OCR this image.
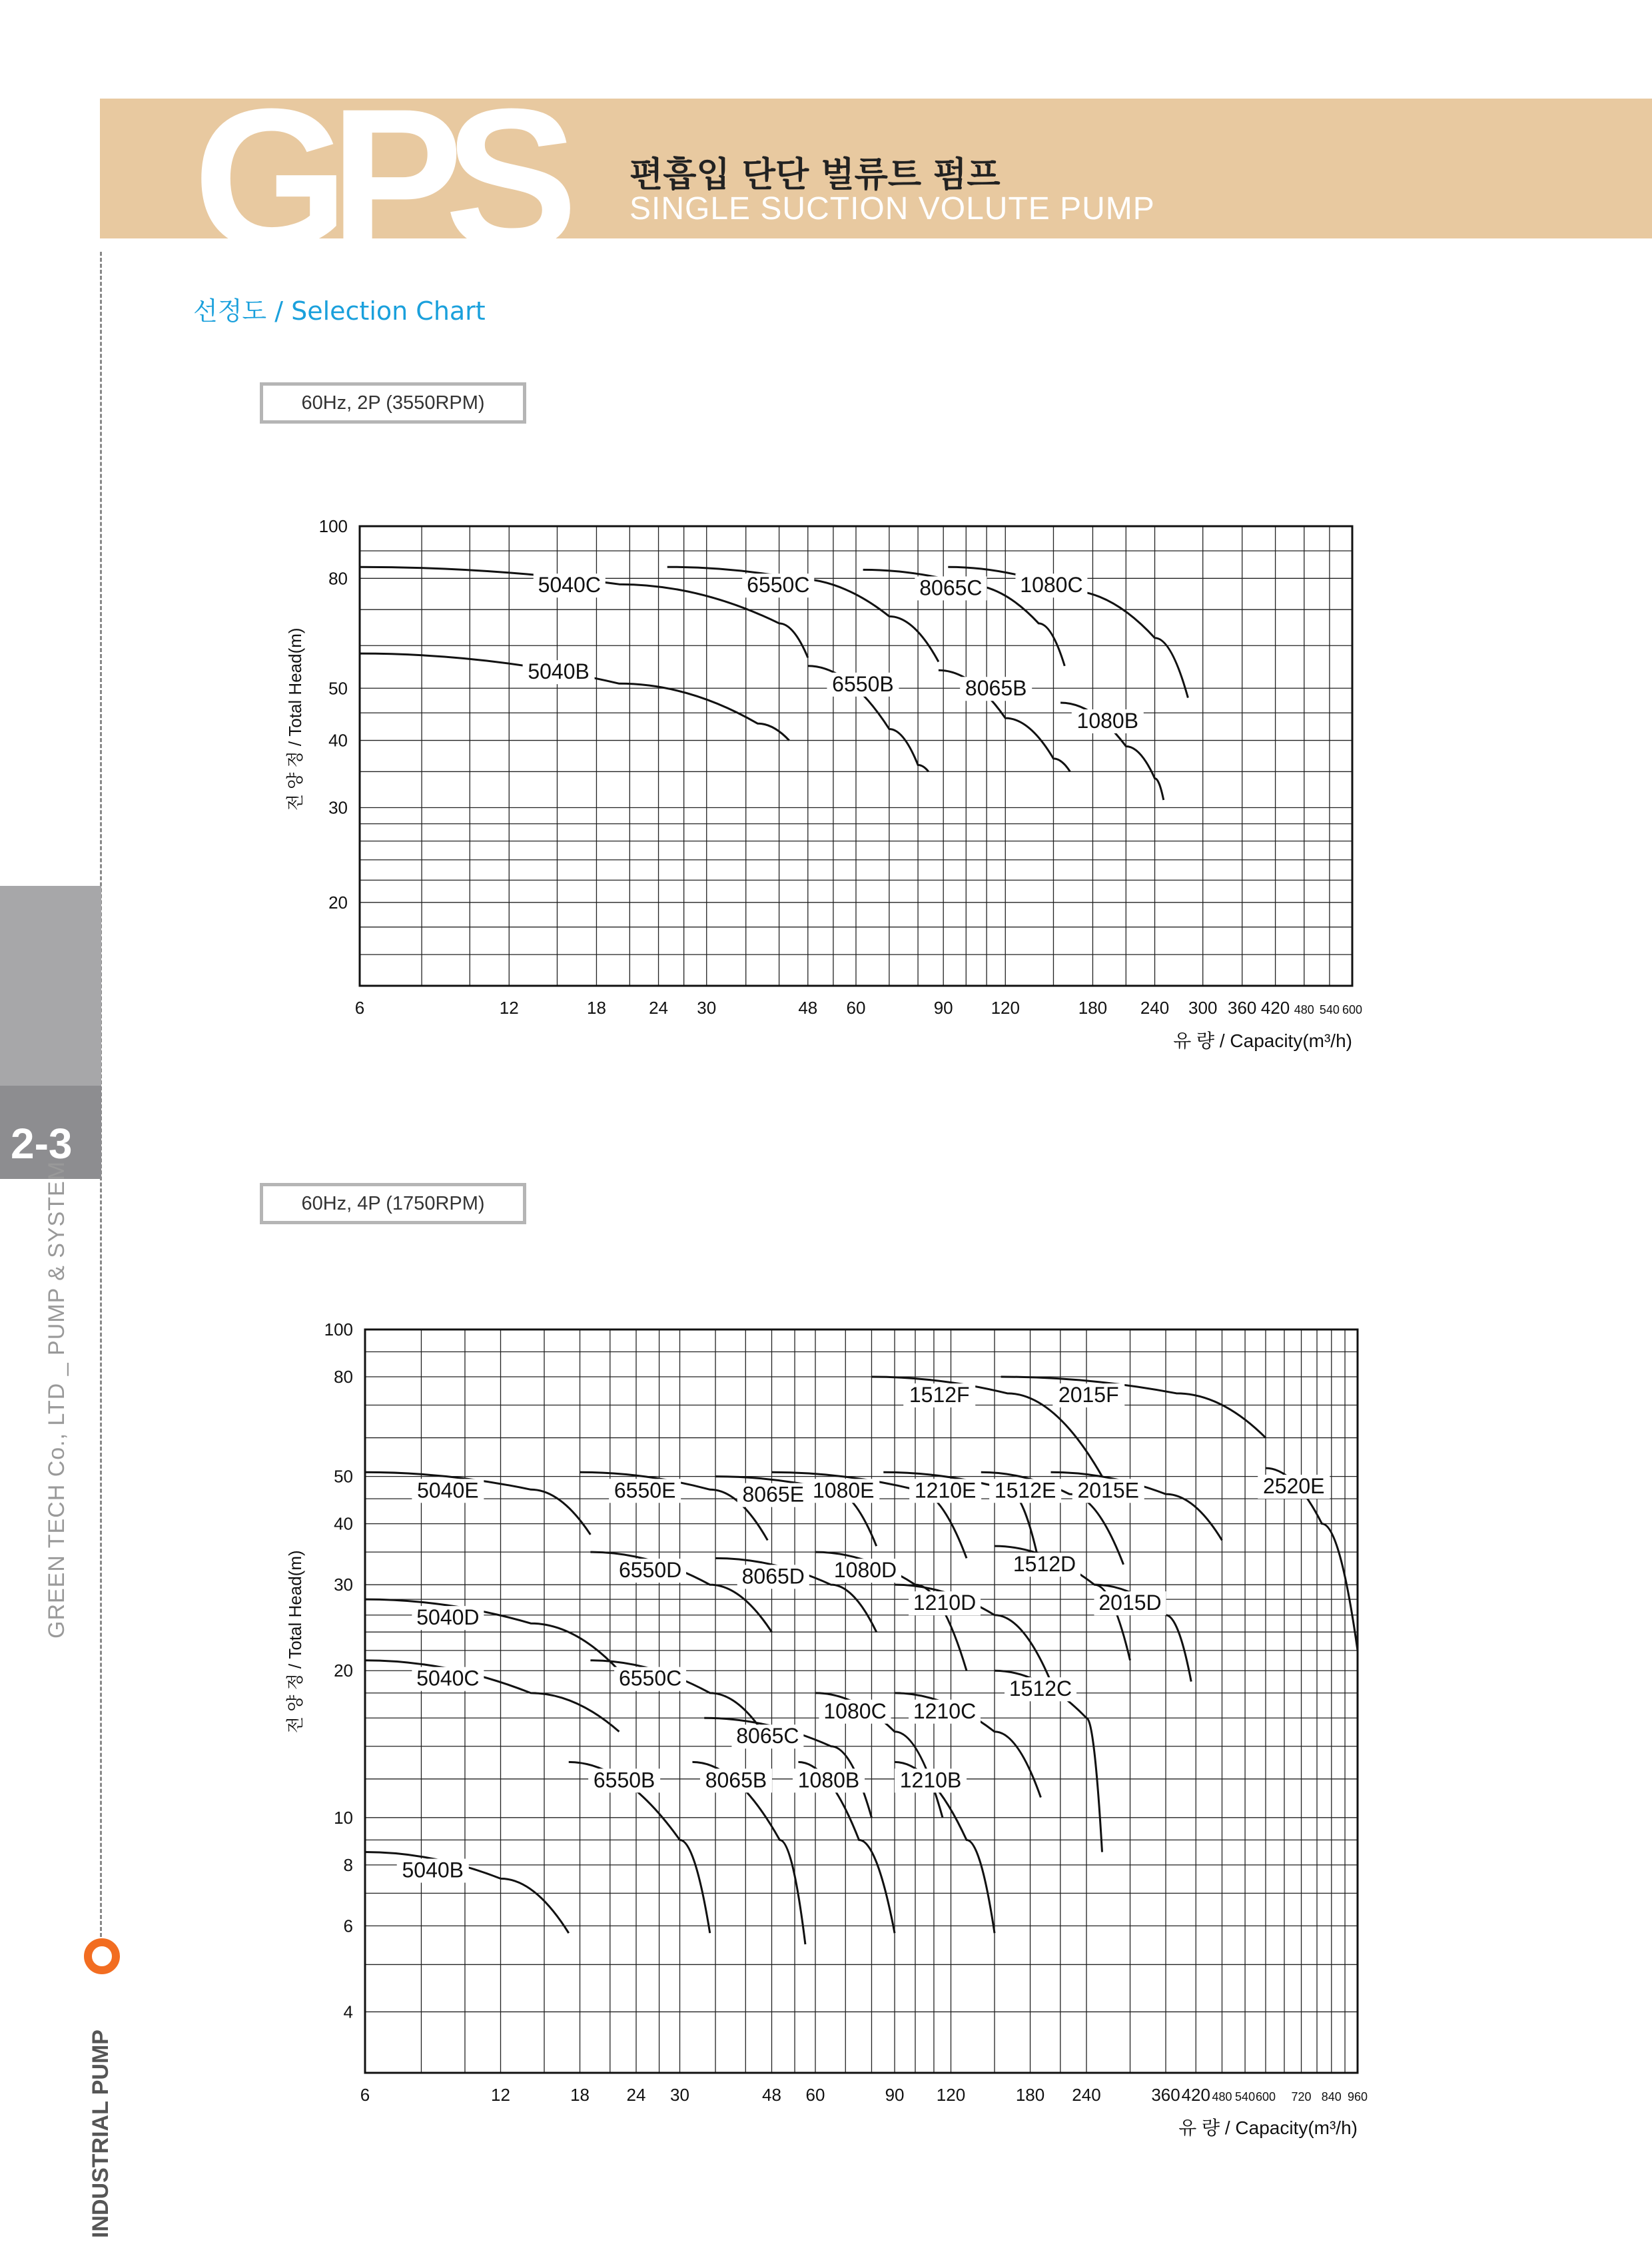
GPS 편흡입 단단 벌류트 펌프
SINGLE SUCTION VOLUTE PUMP
선정도 / Selection Chart
2-3
GREEN TECH Co., LTD _ PUMP & SYSTEM
INDUSTRIAL PUMP
60Hz, 2P (3550RPM)
60Hz, 4P (1750RPM)
6	12	18 24 30	48 60	90 120	180 240 300 360 420 480 540 600
100
80
50
40
30
20
유 량 / Capacity(m³/h)
전 양 정 / Total Head(m)
5040C
5040B
6550C
6550B
8065C
8065B
1080C
1080B
6	12	18 24 30	48 60	90 120	180 240	360 420 480 540 600 720 840 960
100
80
50
40
30
20
10
8
6
4
유 량 / Capacity(m³/h)
전 양 정 / Total Head(m)
5040E
5040D
5040C
5040B
6550E
6550D
6550C
6550B
8065E
8065D
8065C
8065B
1080E
1080D
1080C
1080B
1210E
1210D
1210C
1210B
1512F
1512E
1512D
1512C
2015F
2015E
2015D
2520E
